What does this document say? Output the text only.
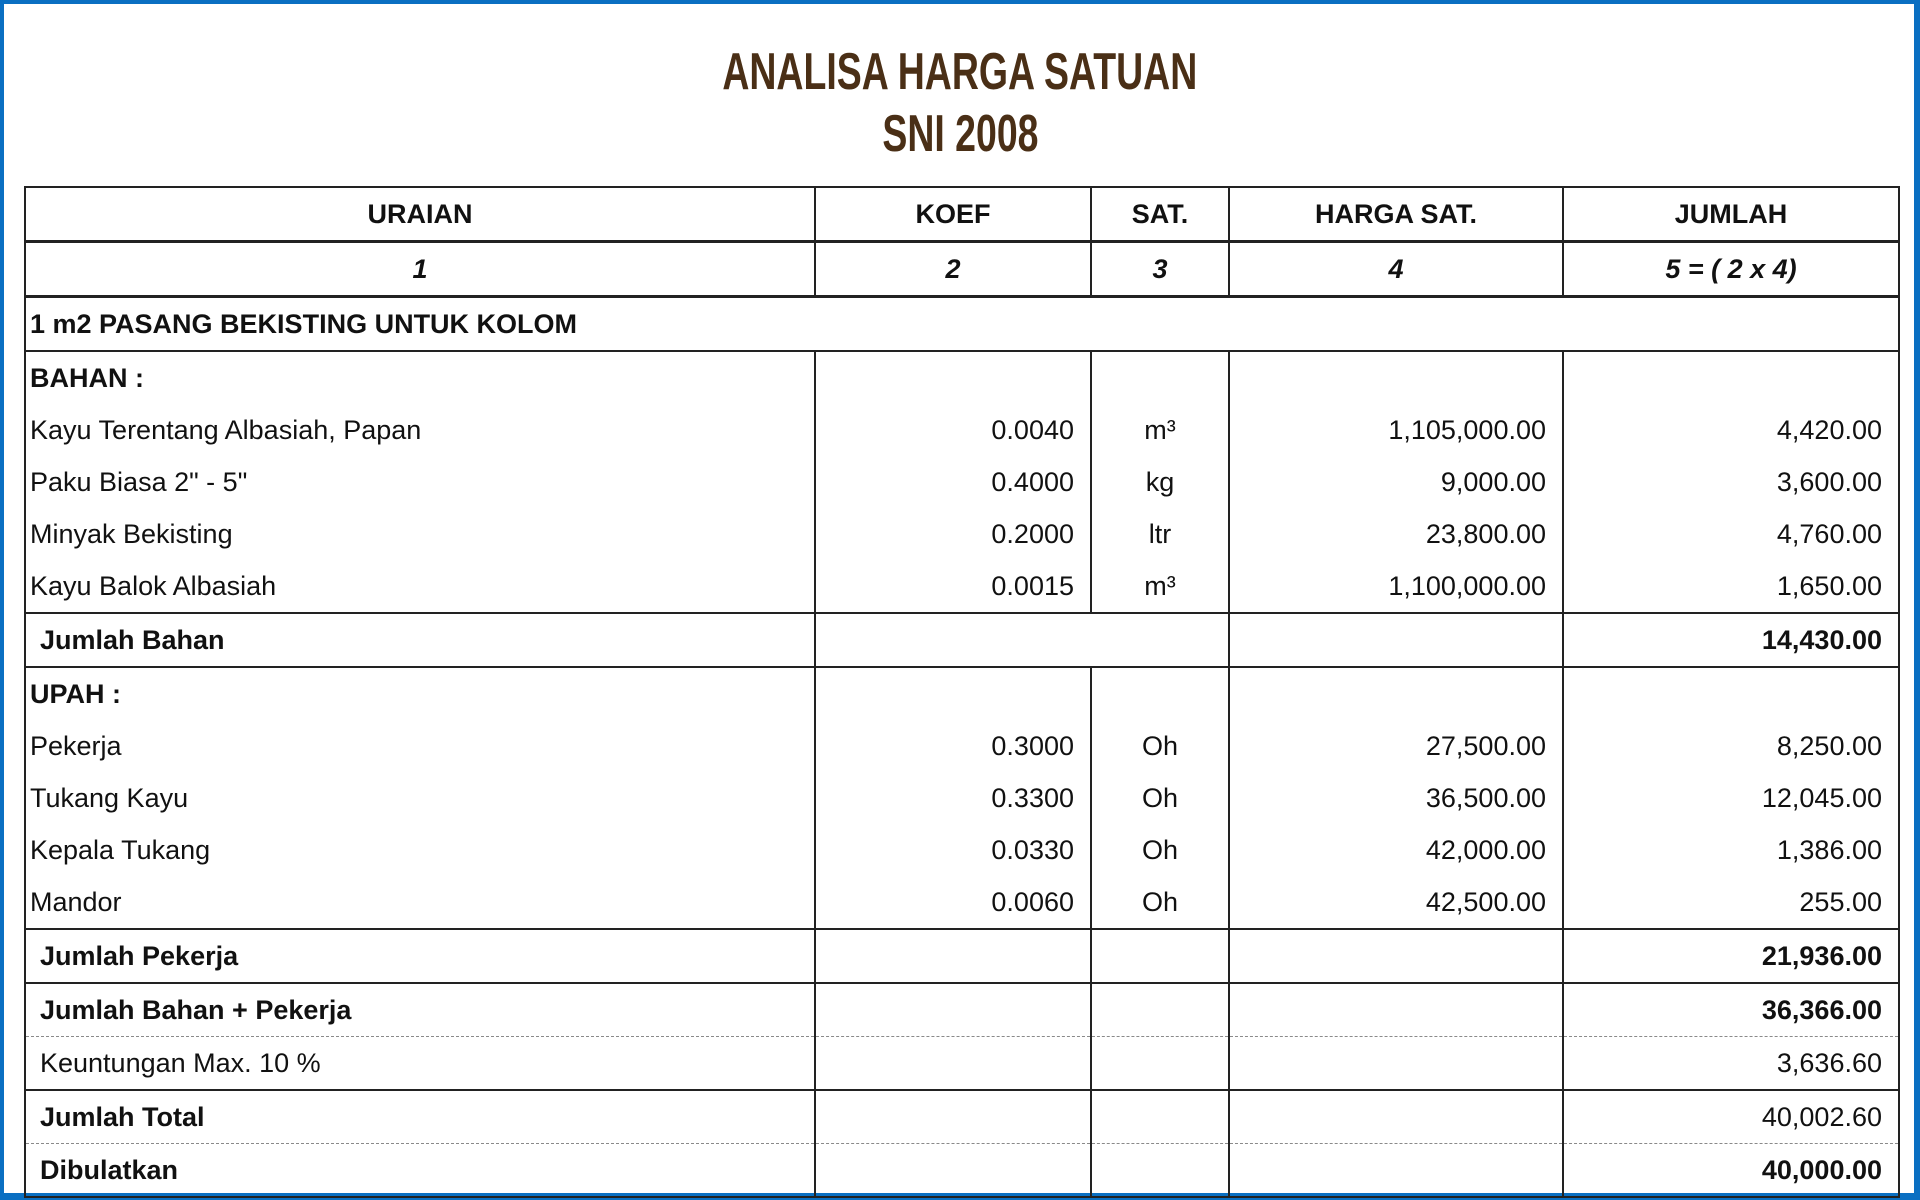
ANALISA HARGA SATUAN
SNI 2008
URAIAN	KOEF	SAT.	HARGA SAT.	JUMLAH
1	2	3	4	5 = ( 2 x 4)
1 m2 PASANG BEKISTING UNTUK KOLOM				
BAHAN :				
Kayu Terentang Albasiah, Papan	0.0040	m³	1,105,000.00	4,420.00
Paku Biasa 2" - 5"	0.4000	kg	9,000.00	3,600.00
Minyak Bekisting	0.2000	ltr	23,800.00	4,760.00
Kayu Balok Albasiah	0.0015	m³	1,100,000.00	1,650.00
Jumlah Bahan				14,430.00
UPAH :				
Pekerja	0.3000	Oh	27,500.00	8,250.00
Tukang Kayu	0.3300	Oh	36,500.00	12,045.00
Kepala Tukang	0.0330	Oh	42,000.00	1,386.00
Mandor	0.0060	Oh	42,500.00	255.00
Jumlah Pekerja				21,936.00
Jumlah Bahan + Pekerja				36,366.00
Keuntungan Max. 10 %				3,636.60
Jumlah Total				40,002.60
Dibulatkan				40,000.00
